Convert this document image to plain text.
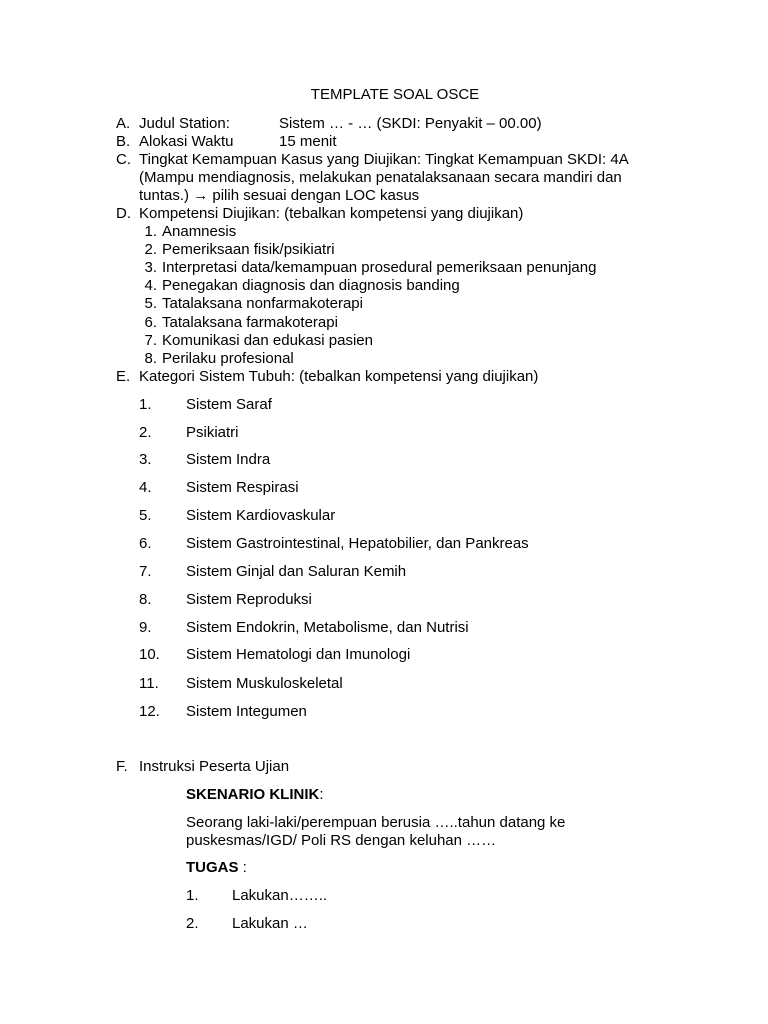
TEMPLATE SOAL OSCE
A. Judul Station:	Sistem … - … (SKDI: Penyakit – 00.00)
B. Alokasi Waktu	15 menit
C. Tingkat Kemampuan Kasus yang Diujikan: Tingkat Kemampuan SKDI: 4A
(Mampu mendiagnosis, melakukan penatalaksanaan secara mandiri dan
tuntas.) → pilih sesuai dengan LOC kasus
D. Kompetensi Diujikan: (tebalkan kompetensi yang diujikan)
1. Anamnesis
2. Pemeriksaan fisik/psikiatri
3. Interpretasi data/kemampuan prosedural pemeriksaan penunjang
4. Penegakan diagnosis dan diagnosis banding
5. Tatalaksana nonfarmakoterapi
6. Tatalaksana farmakoterapi
7. Komunikasi dan edukasi pasien
8. Perilaku profesional
E. Kategori Sistem Tubuh: (tebalkan kompetensi yang diujikan)
1. Sistem Saraf
2. Psikiatri
3. Sistem Indra
4. Sistem Respirasi
5. Sistem Kardiovaskular
6. Sistem Gastrointestinal, Hepatobilier, dan Pankreas
7. Sistem Ginjal dan Saluran Kemih
8. Sistem Reproduksi
9. Sistem Endokrin, Metabolisme, dan Nutrisi
10. Sistem Hematologi dan Imunologi
11. Sistem Muskuloskeletal
12. Sistem Integumen
F. Instruksi Peserta Ujian
SKENARIO KLINIK:
Seorang laki-laki/perempuan berusia …..tahun datang ke
puskesmas/IGD/ Poli RS dengan keluhan ……
TUGAS :
1. Lakukan……..
2. Lakukan …
